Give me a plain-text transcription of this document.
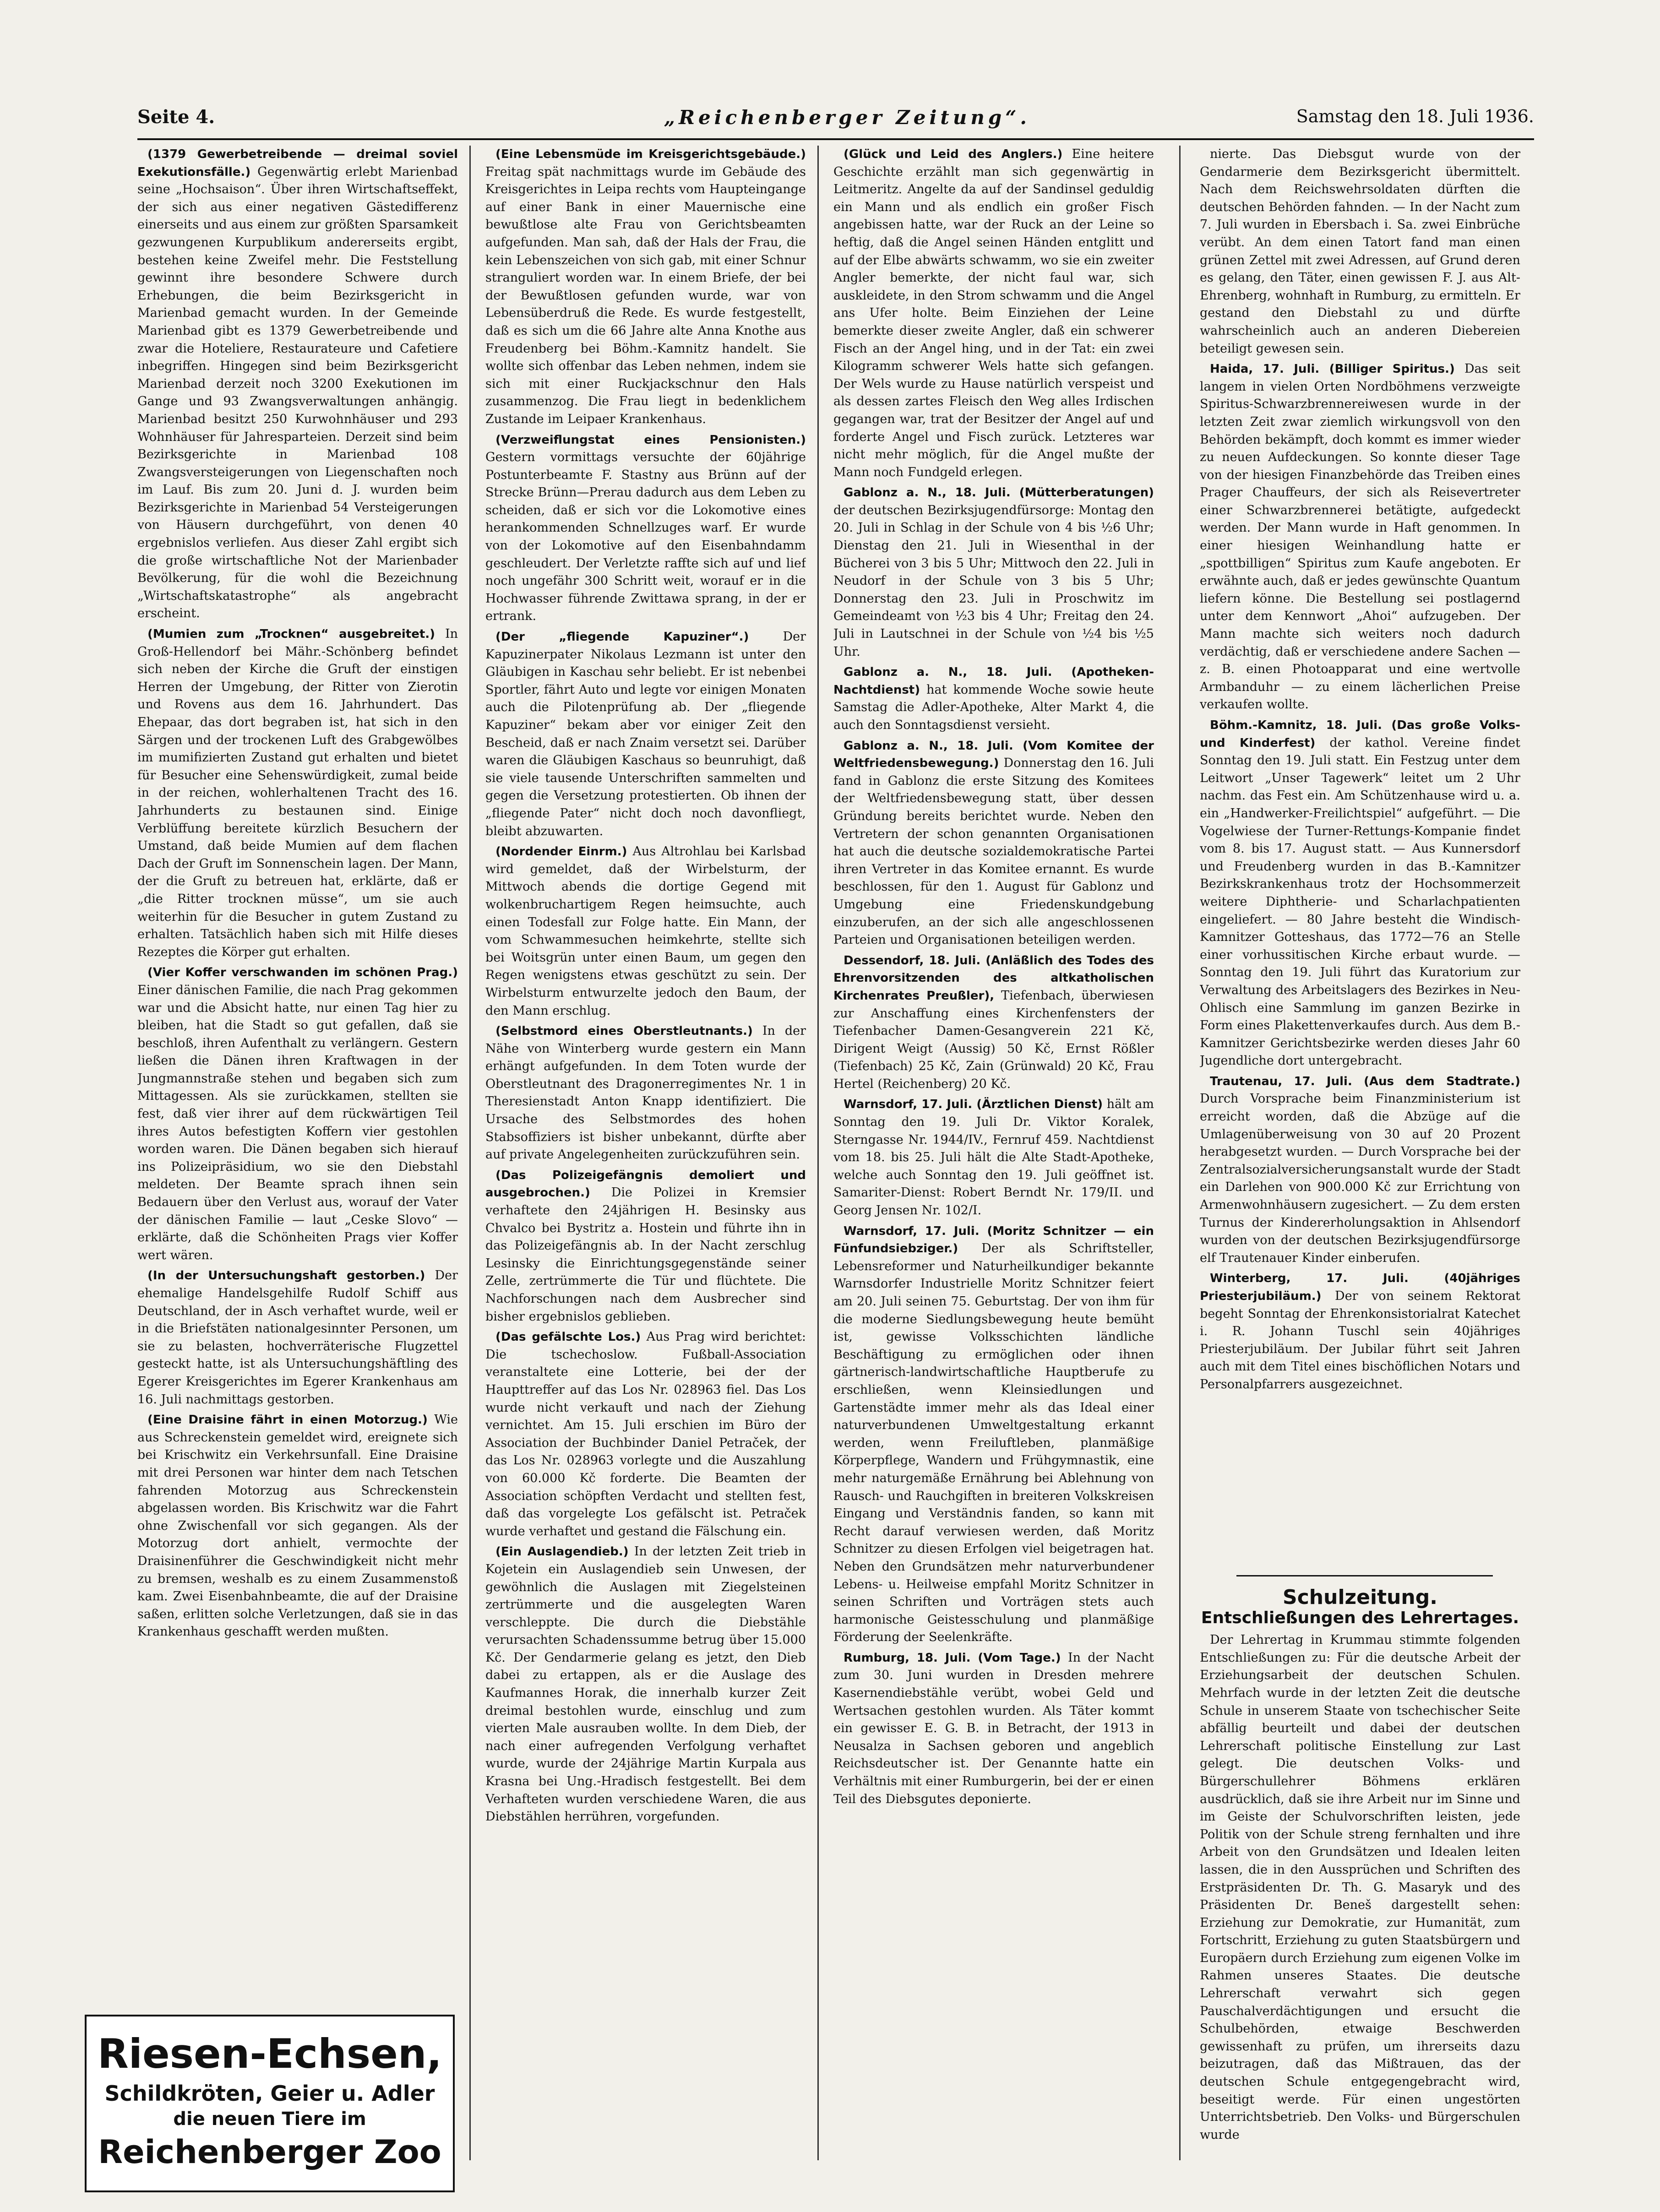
Seite 4.	„Reichenberger Zeitung“.	Samstag den 18. Juli 1936.

(1379 Gewerbetreibende — dreimal soviel Exekutionsfälle.) Gegenwärtig erlebt Marienbad seine „Hochsaison“. Über ihren Wirtschaftseffekt, der sich aus einer negativen Gästedifferenz einerseits und aus einem zur größten Sparsamkeit gezwungenen Kurpublikum andererseits ergibt, bestehen keine Zweifel mehr. Die Feststellung gewinnt ihre besondere Schwere durch Erhebungen, die beim Bezirksgericht in Marienbad gemacht wurden. In der Gemeinde Marienbad gibt es 1379 Gewerbetreibende und zwar die Hoteliere, Restaurateure und Cafetiere inbegriffen. Hingegen sind beim Bezirksgericht Marienbad derzeit noch 3200 Exekutionen im Gange und 93 Zwangsverwaltungen anhängig. Marienbad besitzt 250 Kurwohnhäuser und 293 Wohnhäuser für Jahresparteien. Derzeit sind beim Bezirksgerichte in Marienbad 108 Zwangsversteigerungen von Liegenschaften noch im Lauf. Bis zum 20. Juni d. J. wurden beim Bezirksgerichte in Marienbad 54 Versteigerungen von Häusern durchgeführt, von denen 40 ergebnislos verliefen. Aus dieser Zahl ergibt sich die große wirtschaftliche Not der Marienbader Bevölkerung, für die wohl die Bezeichnung „Wirtschaftskatastrophe“ als angebracht erscheint.

(Mumien zum „Trocknen“ ausgebreitet.) In Groß-Hellendorf bei Mähr.-Schönberg befindet sich neben der Kirche die Gruft der einstigen Herren der Umgebung, der Ritter von Zierotin und Rovens aus dem 16. Jahrhundert. Das Ehepaar, das dort begraben ist, hat sich in den Särgen und der trockenen Luft des Grabgewölbes im mumifizierten Zustand gut erhalten und bietet für Besucher eine Sehenswürdigkeit, zumal beide in der reichen, wohlerhaltenen Tracht des 16. Jahrhunderts zu bestaunen sind. Einige Verblüffung bereitete kürzlich Besuchern der Umstand, daß beide Mumien auf dem flachen Dach der Gruft im Sonnenschein lagen. Der Mann, der die Gruft zu betreuen hat, erklärte, daß er „die Ritter trocknen müsse“, um sie auch weiterhin für die Besucher in gutem Zustand zu erhalten. Tatsächlich haben sich mit Hilfe dieses Rezeptes die Körper gut erhalten.

(Vier Koffer verschwanden im schönen Prag.) Einer dänischen Familie, die nach Prag gekommen war und die Absicht hatte, nur einen Tag hier zu bleiben, hat die Stadt so gut gefallen, daß sie beschloß, ihren Aufenthalt zu verlängern. Gestern ließen die Dänen ihren Kraftwagen in der Jungmannstraße stehen und begaben sich zum Mittagessen. Als sie zurückkamen, stellten sie fest, daß vier ihrer auf dem rückwärtigen Teil ihres Autos befestigten Koffern vier gestohlen worden waren. Die Dänen begaben sich hierauf ins Polizeipräsidium, wo sie den Diebstahl meldeten. Der Beamte sprach ihnen sein Bedauern über den Verlust aus, worauf der Vater der dänischen Familie — laut „Ceske Slovo“ — erklärte, daß die Schönheiten Prags vier Koffer wert wären.

(In der Untersuchungshaft gestorben.) Der ehemalige Handelsgehilfe Rudolf Schiff aus Deutschland, der in Asch verhaftet wurde, weil er in die Briefstäten nationalgesinnter Personen, um sie zu belasten, hochverräterische Flugzettel gesteckt hatte, ist als Untersuchungshäftling des Egerer Kreisgerichtes im Egerer Krankenhaus am 16. Juli nachmittags gestorben.

(Eine Draisine fährt in einen Motorzug.) Wie aus Schreckenstein gemeldet wird, ereignete sich bei Krischwitz ein Verkehrsunfall. Eine Draisine mit drei Personen war hinter dem nach Tetschen fahrenden Motorzug aus Schreckenstein abgelassen worden. Bis Krischwitz war die Fahrt ohne Zwischenfall vor sich gegangen. Als der Motorzug dort anhielt, vermochte der Draisinenführer die Geschwindigkeit nicht mehr zu bremsen, weshalb es zu einem Zusammenstoß kam. Zwei Eisenbahnbeamte, die auf der Draisine saßen, erlitten solche Verletzungen, daß sie in das Krankenhaus geschafft werden mußten.

(Eine Lebensmüde im Kreisgerichtsgebäude.) Freitag spät nachmittags wurde im Gebäude des Kreisgerichtes in Leipa rechts vom Haupteingange auf einer Bank in einer Mauernische eine bewußtlose alte Frau von Gerichtsbeamten aufgefunden. Man sah, daß der Hals der Frau, die kein Lebenszeichen von sich gab, mit einer Schnur stranguliert worden war. In einem Briefe, der bei der Bewußtlosen gefunden wurde, war von Lebensüberdruß die Rede. Es wurde festgestellt, daß es sich um die 66 Jahre alte Anna Knothe aus Freudenberg bei Böhm.-Kamnitz handelt. Sie wollte sich offenbar das Leben nehmen, indem sie sich mit einer Ruckjackschnur den Hals zusammenzog. Die Frau liegt in bedenklichem Zustande im Leipaer Krankenhaus.

(Verzweiflungstat eines Pensionisten.) Gestern vormittags versuchte der 60jährige Postunterbeamte F. Stastny aus Brünn auf der Strecke Brünn—Prerau dadurch aus dem Leben zu scheiden, daß er sich vor die Lokomotive eines herankommenden Schnellzuges warf. Er wurde von der Lokomotive auf den Eisenbahndamm geschleudert. Der Verletzte raffte sich auf und lief noch ungefähr 300 Schritt weit, worauf er in die Hochwasser führende Zwittawa sprang, in der er ertrank.

(Der „fliegende Kapuziner“.)	Der Kapuzinerpater Nikolaus Lezmann ist unter den Gläubigen in Kaschau sehr beliebt. Er ist nebenbei Sportler, fährt Auto und legte vor einigen Monaten auch die Pilotenprüfung ab. Der „fliegende Kapuziner“ bekam aber vor einiger Zeit den Bescheid, daß er nach Znaim versetzt sei. Darüber waren die Gläubigen Kaschaus so beunruhigt, daß sie viele tausende Unterschriften sammelten und gegen die Versetzung protestierten. Ob ihnen der „fliegende Pater“ nicht doch noch davonfliegt, bleibt abzuwarten.

(Nordender Einrm.) Aus Altrohlau bei Karlsbad wird gemeldet, daß der Wirbelsturm, der Mittwoch abends die dortige Gegend mit wolkenbruchartigem Regen heimsuchte, auch einen Todesfall zur Folge hatte. Ein Mann, der vom Schwammesuchen heimkehrte, stellte sich bei Woitsgrün unter einen Baum, um gegen den Regen wenigstens etwas geschützt zu sein. Der Wirbelsturm entwurzelte jedoch den Baum, der den Mann erschlug.

(Selbstmord eines Oberstleutnants.) In der Nähe von Winterberg wurde gestern ein Mann erhängt aufgefunden. In dem Toten wurde der Oberstleutnant des Dragonerregimentes Nr. 1 in Theresienstadt Anton Knapp identifiziert. Die Ursache des Selbstmordes des hohen Stabsoffiziers ist bisher unbekannt, dürfte aber auf private Angelegenheiten zurückzuführen sein.

(Das Polizeigefängnis demoliert und ausgebrochen.) Die Polizei in Kremsier verhaftete den 24jährigen H. Besinsky aus Chvalco bei Bystritz a. Hostein und führte ihn in das Polizeigefängnis ab. In der Nacht zerschlug Lesinsky die Einrichtungsgegenstände seiner Zelle, zertrümmerte die Tür und flüchtete. Die Nachforschungen nach dem Ausbrecher sind bisher ergebnislos geblieben.

(Das gefälschte Los.) Aus Prag wird berichtet: Die tschechoslow. Fußball-Association veranstaltete eine Lotterie, bei der der Haupttreffer auf das Los Nr. 028963 fiel. Das Los wurde nicht verkauft und nach der Ziehung vernichtet. Am 15. Juli erschien im Büro der Association der Buchbinder Daniel Petraček, der das Los Nr. 028963 vorlegte und die Auszahlung von 60.000 Kč forderte. Die Beamten der Association schöpften Verdacht und stellten fest, daß das vorgelegte Los gefälscht ist. Petraček wurde verhaftet und gestand die Fälschung ein.

(Ein Auslagendieb.) In der letzten Zeit trieb in Kojetein ein Auslagendieb sein Unwesen, der gewöhnlich die Auslagen mit Ziegelsteinen zertrümmerte und die ausgelegten Waren verschleppte. Die durch die Diebstähle verursachten Schadenssumme betrug über 15.000 Kč. Der Gendarmerie gelang es jetzt, den Dieb dabei zu ertappen, als er die Auslage des Kaufmannes Horak, die innerhalb kurzer Zeit dreimal bestohlen wurde, einschlug und zum vierten Male ausrauben wollte. In dem Dieb, der nach einer aufregenden Verfolgung verhaftet wurde, wurde der 24jährige Martin Kurpala aus Krasna bei Ung.-Hradisch festgestellt. Bei dem Verhafteten wurden verschiedene Waren, die aus Diebstählen herrühren, vorgefunden.

(Glück und Leid des Anglers.) Eine heitere Geschichte erzählt man sich gegenwärtig in Leitmeritz. Angelte da auf der Sandinsel geduldig ein Mann und als endlich ein großer Fisch angebissen hatte, war der Ruck an der Leine so heftig, daß die Angel seinen Händen entglitt und auf der Elbe abwärts schwamm, wo sie ein zweiter Angler bemerkte, der nicht faul war, sich auskleidete, in den Strom schwamm und die Angel ans Ufer holte. Beim Einziehen der Leine bemerkte dieser zweite Angler, daß ein schwerer Fisch an der Angel hing, und in der Tat: ein zwei Kilogramm schwerer Wels hatte sich gefangen. Der Wels wurde zu Hause natürlich verspeist und als dessen zartes Fleisch den Weg alles Irdischen gegangen war, trat der Besitzer der Angel auf und forderte Angel und Fisch zurück. Letzteres war nicht mehr möglich, für die Angel mußte der Mann noch Fundgeld erlegen.

Gablonz a. N., 18. Juli. (Mütterberatungen) der deutschen Bezirksjugendfürsorge: Montag den 20. Juli in Schlag in der Schule von 4 bis ½6 Uhr; Dienstag den 21. Juli in Wiesenthal in der Bücherei von 3 bis 5 Uhr; Mittwoch den 22. Juli in Neudorf in der Schule von 3 bis 5 Uhr; Donnerstag den 23. Juli in Proschwitz im Gemeindeamt von ½3 bis 4 Uhr; Freitag den 24. Juli in Lautschnei in der Schule von ½4 bis ½5 Uhr.

Gablonz a. N., 18. Juli. (Apotheken-Nachtdienst) hat kommende Woche sowie heute Samstag die Adler-Apotheke, Alter Markt 4, die auch den Sonntagsdienst versieht.

Gablonz a. N., 18. Juli. (Vom Komitee der Weltfriedensbewegung.) Donnerstag den 16. Juli fand in Gablonz die erste Sitzung des Komitees der Weltfriedensbewegung statt, über dessen Gründung bereits berichtet wurde. Neben den Vertretern der schon genannten Organisationen hat auch die deutsche sozialdemokratische Partei ihren Vertreter in das Komitee ernannt. Es wurde beschlossen, für den 1. August für Gablonz und Umgebung eine Friedenskundgebung einzuberufen, an der sich alle angeschlossenen Parteien und Organisationen beteiligen werden.

Dessendorf, 18. Juli. (Anläßlich des Todes des Ehrenvorsitzenden des altkatholischen Kirchenrates Preußler), Tiefenbach, überwiesen zur Anschaffung eines Kirchenfensters der Tiefenbacher Damen-Gesangverein 221 Kč, Dirigent Weigt (Aussig) 50 Kč, Ernst Rößler (Tiefenbach) 25 Kč, Zain (Grünwald) 20 Kč, Frau Hertel (Reichenberg) 20 Kč.

Warnsdorf, 17. Juli. (Ärztlichen Dienst) hält am Sonntag den 19. Juli Dr. Viktor Koralek, Sterngasse Nr. 1944/IV., Fernruf 459. Nachtdienst vom 18. bis 25. Juli hält die Alte Stadt-Apotheke, welche auch Sonntag den 19. Juli geöffnet ist. Samariter-Dienst: Robert Berndt Nr. 179/II. und Georg Jensen Nr. 102/I.

Warnsdorf, 17. Juli. (Moritz Schnitzer — ein Fünfundsiebziger.) Der als Schriftsteller, Lebensreformer und Naturheilkundiger bekannte Warnsdorfer Industrielle Moritz Schnitzer feiert am 20. Juli seinen 75. Geburtstag. Der von ihm für die moderne Siedlungsbewegung heute bemüht ist, gewisse Volksschichten ländliche Beschäftigung zu ermöglichen oder ihnen gärtnerisch-landwirtschaftliche Hauptberufe zu erschließen, wenn Kleinsiedlungen und Gartenstädte immer mehr als das Ideal einer naturverbundenen Umweltgestaltung erkannt werden, wenn Freiluftleben, planmäßige Körperpflege, Wandern und Frühgymnastik, eine mehr naturgemäße Ernährung bei Ablehnung von Rausch- und Rauchgiften in breiteren Volkskreisen Eingang und Verständnis fanden, so kann mit Recht darauf verwiesen werden, daß Moritz Schnitzer zu diesen Erfolgen viel beigetragen hat. Neben den Grundsätzen mehr naturverbundener Lebens- u. Heilweise empfahl Moritz Schnitzer in seinen Schriften und Vorträgen stets auch harmonische Geistesschulung und planmäßige Förderung der Seelenkräfte.

Rumburg, 18. Juli. (Vom Tage.) In der Nacht zum 30. Juni wurden in Dresden mehrere Kasernendiebstähle verübt, wobei Geld und Wertsachen gestohlen wurden. Als Täter kommt ein gewisser E. G. B. in Betracht, der 1913 in Neusalza in Sachsen geboren und angeblich Reichsdeutscher ist. Der Genannte hatte ein Verhältnis mit einer Rumburgerin, bei der er einen Teil des Diebsgutes deponierte.

nierte. Das Diebsgut wurde von der Gendarmerie dem Bezirksgericht übermittelt. Nach dem Reichswehrsoldaten dürften die deutschen Behörden fahnden. — In der Nacht zum 7. Juli wurden in Ebersbach i. Sa. zwei Einbrüche verübt. An dem einen Tatort fand man einen grünen Zettel mit zwei Adressen, auf Grund deren es gelang, den Täter, einen gewissen F. J. aus Alt-Ehrenberg, wohnhaft in Rumburg, zu ermitteln. Er gestand den Diebstahl zu und dürfte wahrscheinlich auch an anderen Diebereien beteiligt gewesen sein.

Haida, 17. Juli. (Billiger Spiritus.) Das seit langem in vielen Orten Nordböhmens verzweigte Spiritus-Schwarzbrennereiwesen wurde in der letzten Zeit zwar ziemlich wirkungsvoll von den Behörden bekämpft, doch kommt es immer wieder zu neuen Aufdeckungen. So konnte dieser Tage von der hiesigen Finanzbehörde das Treiben eines Prager Chauffeurs, der sich als Reisevertreter einer Schwarzbrennerei betätigte, aufgedeckt werden. Der Mann wurde in Haft genommen. In einer hiesigen Weinhandlung hatte er „spottbilligen“ Spiritus zum Kaufe angeboten. Er erwähnte auch, daß er jedes gewünschte Quantum liefern könne. Die Bestellung sei postlagernd unter dem Kennwort „Ahoi“ aufzugeben. Der Mann machte sich weiters noch dadurch verdächtig, daß er verschiedene andere Sachen — z. B. einen Photoapparat und eine wertvolle Armbanduhr — zu einem lächerlichen Preise verkaufen wollte.

Böhm.-Kamnitz, 18. Juli. (Das große Volks- und Kinderfest) der kathol. Vereine findet Sonntag den 19. Juli statt. Ein Festzug unter dem Leitwort „Unser Tagewerk“ leitet um 2 Uhr nachm. das Fest ein. Am Schützenhause wird u. a. ein „Handwerker-Freilichtspiel“ aufgeführt. — Die Vogelwiese der Turner-Rettungs-Kompanie findet vom 8. bis 17. August statt. — Aus Kunnersdorf und Freudenberg wurden in das B.-Kamnitzer Bezirkskrankenhaus trotz der Hochsommerzeit weitere Diphtherie- und Scharlachpatienten eingeliefert. — 80 Jahre besteht die Windisch-Kamnitzer Gotteshaus, das 1772—76 an Stelle einer vorhussitischen Kirche erbaut wurde. — Sonntag den 19. Juli führt das Kuratorium zur Verwaltung des Arbeitslagers des Bezirkes in Neu-Ohlisch eine Sammlung im ganzen Bezirke in Form eines Plakettenverkaufes durch. Aus dem B.-Kamnitzer Gerichtsbezirke werden dieses Jahr 60 Jugendliche dort untergebracht.

Trautenau, 17. Juli. (Aus dem Stadtrate.) Durch Vorsprache beim Finanzministerium ist erreicht worden, daß die Abzüge auf die Umlagenüberweisung von 30 auf 20 Prozent herabgesetzt wurden. — Durch Vorsprache bei der Zentralsozialversicherungsanstalt wurde der Stadt ein Darlehen von 900.000 Kč zur Errichtung von Armenwohnhäusern zugesichert. — Zu dem ersten Turnus der Kindererholungsaktion in Ahlsendorf wurden von der deutschen Bezirksjugendfürsorge elf Trautenauer Kinder einberufen.

Winterberg, 17. Juli. (40jähriges Priesterjubiläum.) Der von seinem Rektorat begeht Sonntag der Ehrenkonsistorialrat Katechet i. R. Johann Tuschl sein 40jähriges Priesterjubiläum. Der Jubilar führt seit Jahren auch mit dem Titel eines bischöflichen Notars und Personalpfarrers ausgezeichnet.

Riesen-Echsen,
Schildkröten, Geier u. Adler
die neuen Tiere im
Reichenberger Zoo
Schulzeitung.
Entschließungen des Lehrertages.

Der Lehrertag in Krummau stimmte folgenden Entschließungen zu: Für die deutsche Arbeit der Erziehungsarbeit der deutschen Schulen. Mehrfach wurde in der letzten Zeit die deutsche Schule in unserem Staate von tschechischer Seite abfällig beurteilt und dabei der deutschen Lehrerschaft politische Einstellung zur Last gelegt. Die deutschen Volks- und Bürgerschullehrer Böhmens erklären ausdrücklich, daß sie ihre Arbeit nur im Sinne und im Geiste der Schulvorschriften leisten, jede Politik von der Schule streng fernhalten und ihre Arbeit von den Grundsätzen und Idealen leiten lassen, die in den Aussprüchen und Schriften des Erstpräsidenten Dr. Th. G. Masaryk und des Präsidenten Dr. Beneš dargestellt sehen: Erziehung zur Demokratie, zur Humanität, zum Fortschritt, Erziehung zu guten Staatsbürgern und Europäern durch Erziehung zum eigenen Volke im Rahmen unseres Staates. Die deutsche Lehrerschaft verwahrt sich gegen Pauschalverdächtigungen und ersucht die Schulbehörden, etwaige Beschwerden gewissenhaft zu prüfen, um ihrerseits dazu beizutragen, daß das Mißtrauen, das der deutschen Schule entgegengebracht wird, beseitigt werde. Für einen ungestörten Unterrichtsbetrieb. Den Volks- und Bürgerschulen wurde
